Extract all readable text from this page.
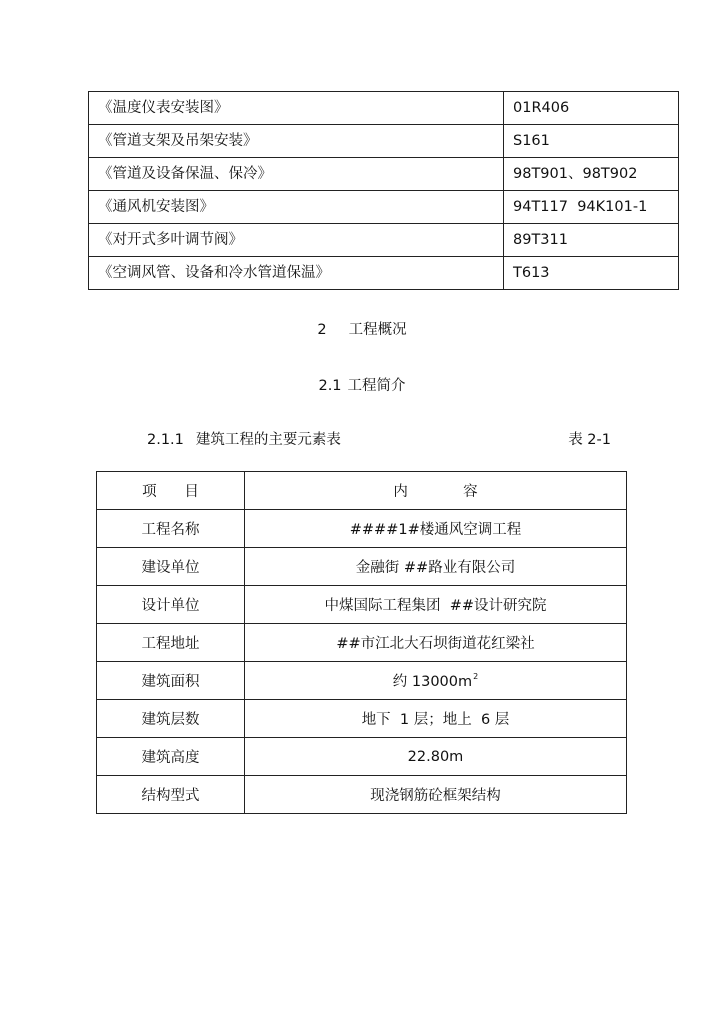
《温度仪表安装图》	01R406
《管道支架及吊架安装》	S161
《管道及设备保温、保冷》	98T901、98T902
《通风机安装图》	94T117  94K101-1
《对开式多叶调节阀》	89T311
《空调风管、设备和冷水管道保温》	T613
2 工程概况
2.1 工程简介
2.1.1 建筑工程的主要元素表	表 2-1
项      目	内            容
工程名称	####1#楼通风空调工程
建设单位	金融街 ##路业有限公司
设计单位	中煤国际工程集团  ##设计研究院
工程地址	##市江北大石坝街道花红梁社
建筑面积	约 $13000m^2$
建筑层数	地下  1 层；地上  6 层
建筑高度	22.80m
结构型式	现浇钢筋砼框架结构
